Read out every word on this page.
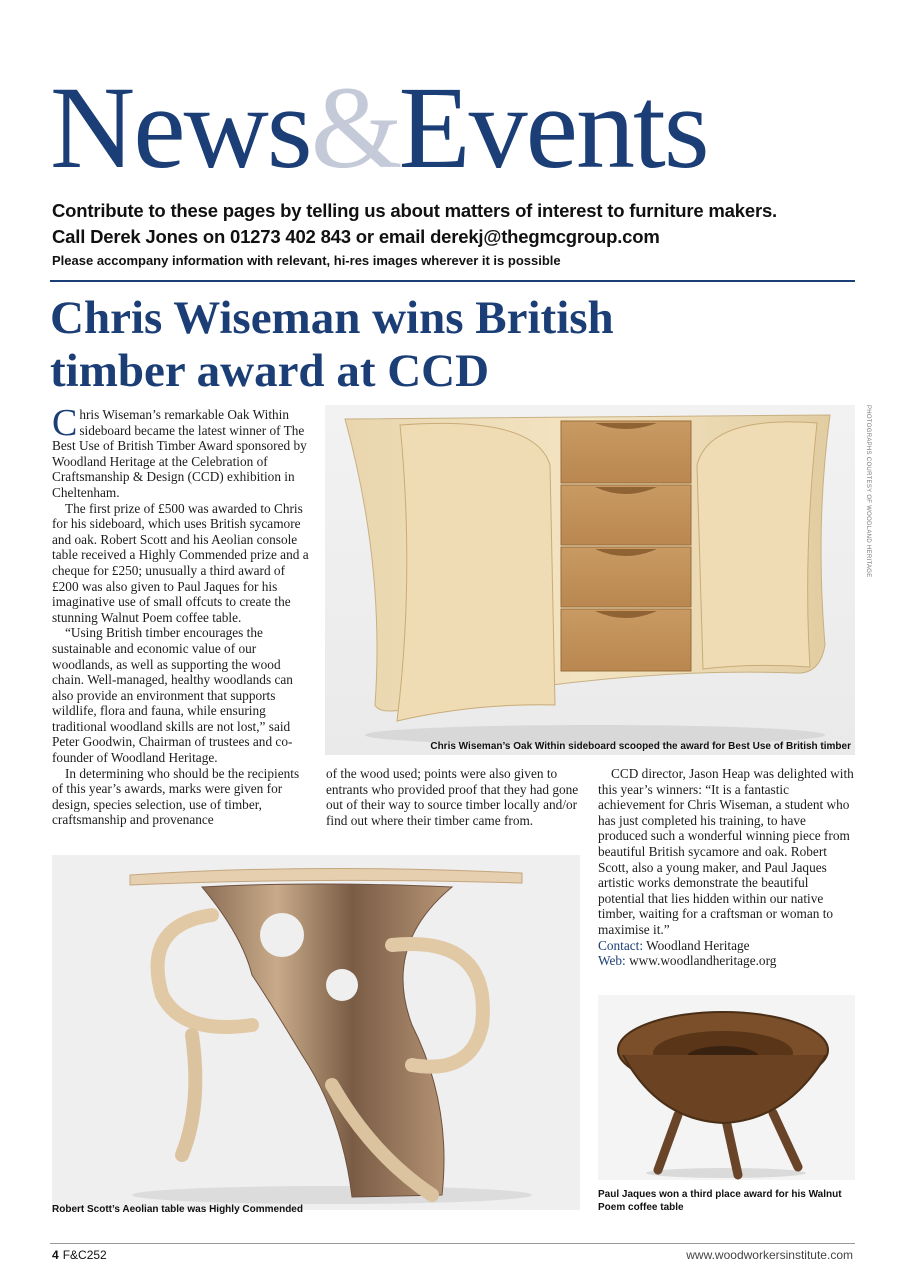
News&Events
Contribute to these pages by telling us about matters of interest to furniture makers.
Call Derek Jones on 01273 402 843 or email derekj@thegmcgroup.com
Please accompany information with relevant, hi-res images wherever it is possible
Chris Wiseman wins British timber award at CCD

Chris Wiseman’s remarkable Oak Within sideboard became the latest winner of The Best Use of British Timber Award sponsored by Woodland Heritage at the Celebration of Craftsmanship & Design (CCD) exhibition in Cheltenham.

The first prize of £500 was awarded to Chris for his sideboard, which uses British sycamore and oak. Robert Scott and his Aeolian console table received a Highly Commended prize and a cheque for £250; unusually a third award of £200 was also given to Paul Jaques for his imaginative use of small offcuts to create the stunning Walnut Poem coffee table.

“Using British timber encourages the sustainable and economic value of our woodlands, as well as supporting the wood chain. Well-managed, healthy woodlands can also provide an environment that supports wildlife, flora and fauna, while ensuring traditional woodland skills are not lost,” said Peter Goodwin, Chairman of trustees and co-founder of Woodland Heritage.

In determining who should be the recipients of this year’s awards, marks were given for design, species selection, use of timber, craftsmanship and provenance

Chris Wiseman’s Oak Within sideboard scooped the award for Best Use of British timber
PHOTOGRAPHS COURTESY OF WOODLAND HERITAGE

of the wood used; points were also given to entrants who provided proof that they had gone out of their way to source timber locally and/or find out where their timber came from.

CCD director, Jason Heap was delighted with this year’s winners: “It is a fantastic achievement for Chris Wiseman, a student who has just completed his training, to have produced such a wonderful winning piece from beautiful British sycamore and oak. Robert Scott, also a young maker, and Paul Jaques artistic works demonstrate the beautiful potential that lies hidden within our native timber, waiting for a craftsman or woman to maximise it.”

Contact: Woodland Heritage

Web: www.woodlandheritage.org

Robert Scott’s Aeolian table was Highly Commended
Paul Jaques won a third place award for his Walnut Poem coffee table
4 F&C252	www.woodworkersinstitute.com
